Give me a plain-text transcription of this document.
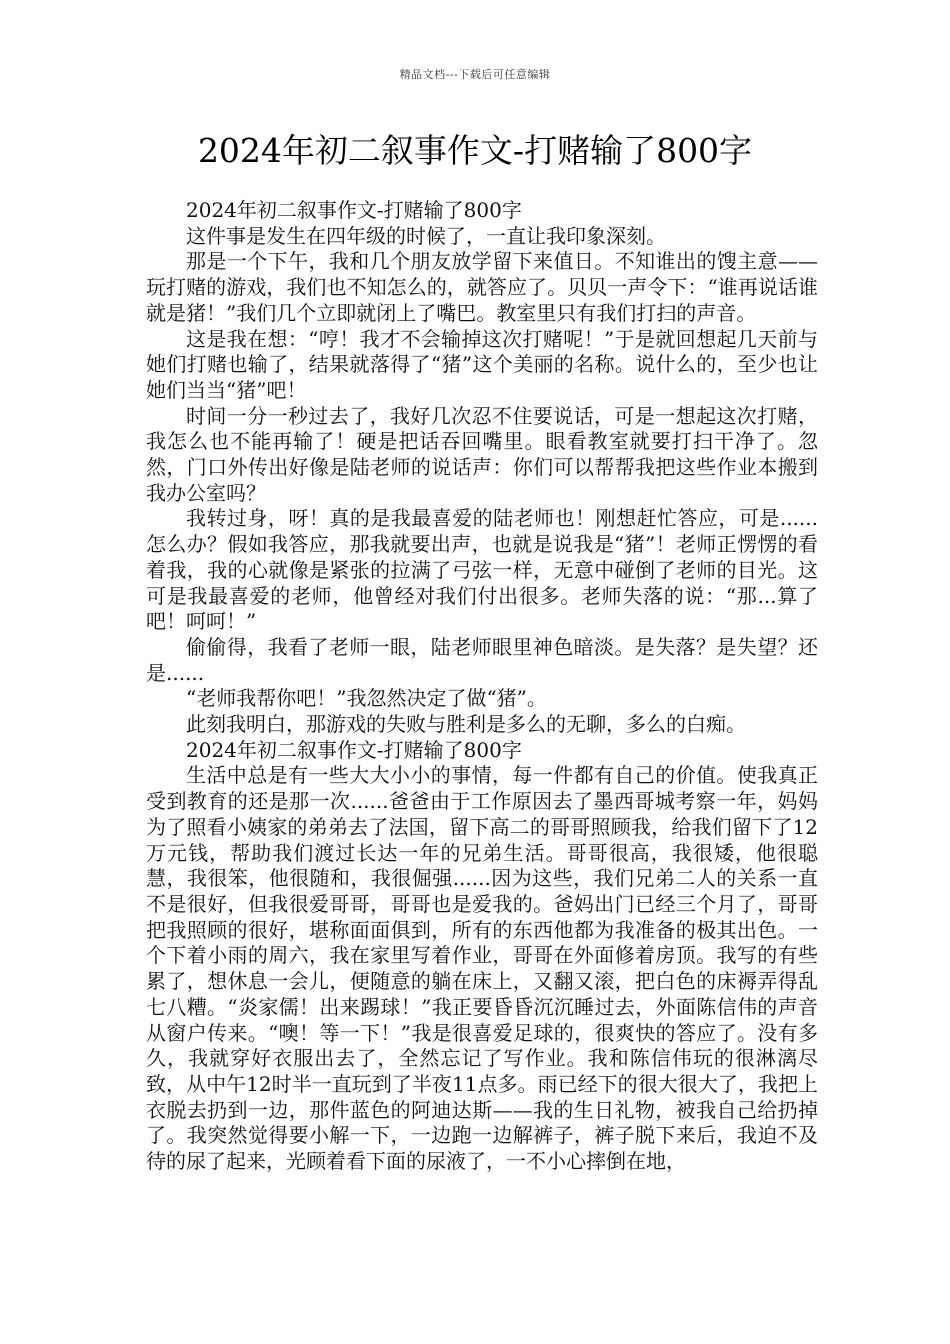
精品文档---下载后可任意编辑
2024年初二叙事作文-打赌输了800字

2024年初二叙事作文-打赌输了800字

这件事是发生在四年级的时候了，一直让我印象深刻。

那是一个下午，我和几个朋友放学留下来值日。不知谁出的馊主意——玩打赌的游戏，我们也不知怎么的，就答应了。贝贝一声令下：“谁再说话谁就是猪！”我们几个立即就闭上了嘴巴。教室里只有我们打扫的声音。

这是我在想：“哼！我才不会输掉这次打赌呢！”于是就回想起几天前与她们打赌也输了，结果就落得了“猪”这个美丽的名称。说什么的，至少也让她们当当“猪”吧！

时间一分一秒过去了，我好几次忍不住要说话，可是一想起这次打赌，我怎么也不能再输了！硬是把话吞回嘴里。眼看教室就要打扫干净了。忽然，门口外传出好像是陆老师的说话声：你们可以帮帮我把这些作业本搬到我办公室吗？

我转过身，呀！真的是我最喜爱的陆老师也！刚想赶忙答应，可是......怎么办？假如我答应，那我就要出声，也就是说我是“猪”！老师正愣愣的看着我，我的心就像是紧张的拉满了弓弦一样，无意中碰倒了老师的目光。这可是我最喜爱的老师，他曾经对我们付出很多。老师失落的说：“那...算了吧！呵呵！”

偷偷得，我看了老师一眼，陆老师眼里神色暗淡。是失落？是失望？还是......

“老师我帮你吧！”我忽然决定了做“猪”。

此刻我明白，那游戏的失败与胜利是多么的无聊，多么的白痴。

2024年初二叙事作文-打赌输了800字

生活中总是有一些大大小小的事情，每一件都有自己的价值。使我真正受到教育的还是那一次......爸爸由于工作原因去了墨西哥城考察一年，妈妈为了照看小姨家的弟弟去了法国，留下高二的哥哥照顾我，给我们留下了12万元钱，帮助我们渡过长达一年的兄弟生活。哥哥很高，我很矮，他很聪慧，我很笨，他很随和，我很倔强......因为这些，我们兄弟二人的关系一直不是很好，但我很爱哥哥，哥哥也是爱我的。爸妈出门已经三个月了，哥哥把我照顾的很好，堪称面面俱到，所有的东西他都为我准备的极其出色。一个下着小雨的周六，我在家里写着作业，哥哥在外面修着房顶。我写的有些累了，想休息一会儿，便随意的躺在床上，又翻又滚，把白色的床褥弄得乱七八糟。“炎家儒！出来踢球！”我正要昏昏沉沉睡过去，外面陈信伟的声音从窗户传来。“噢！等一下！”我是很喜爱足球的，很爽快的答应了。没有多久，我就穿好衣服出去了，全然忘记了写作业。我和陈信伟玩的很淋漓尽致，从中午12时半一直玩到了半夜11点多。雨已经下的很大很大了，我把上衣脱去扔到一边，那件蓝色的阿迪达斯——我的生日礼物，被我自己给扔掉了。我突然觉得要小解一下，一边跑一边解裤子，裤子脱下来后，我迫不及待的尿了起来，光顾着看下面的尿液了，一不小心摔倒在地，
